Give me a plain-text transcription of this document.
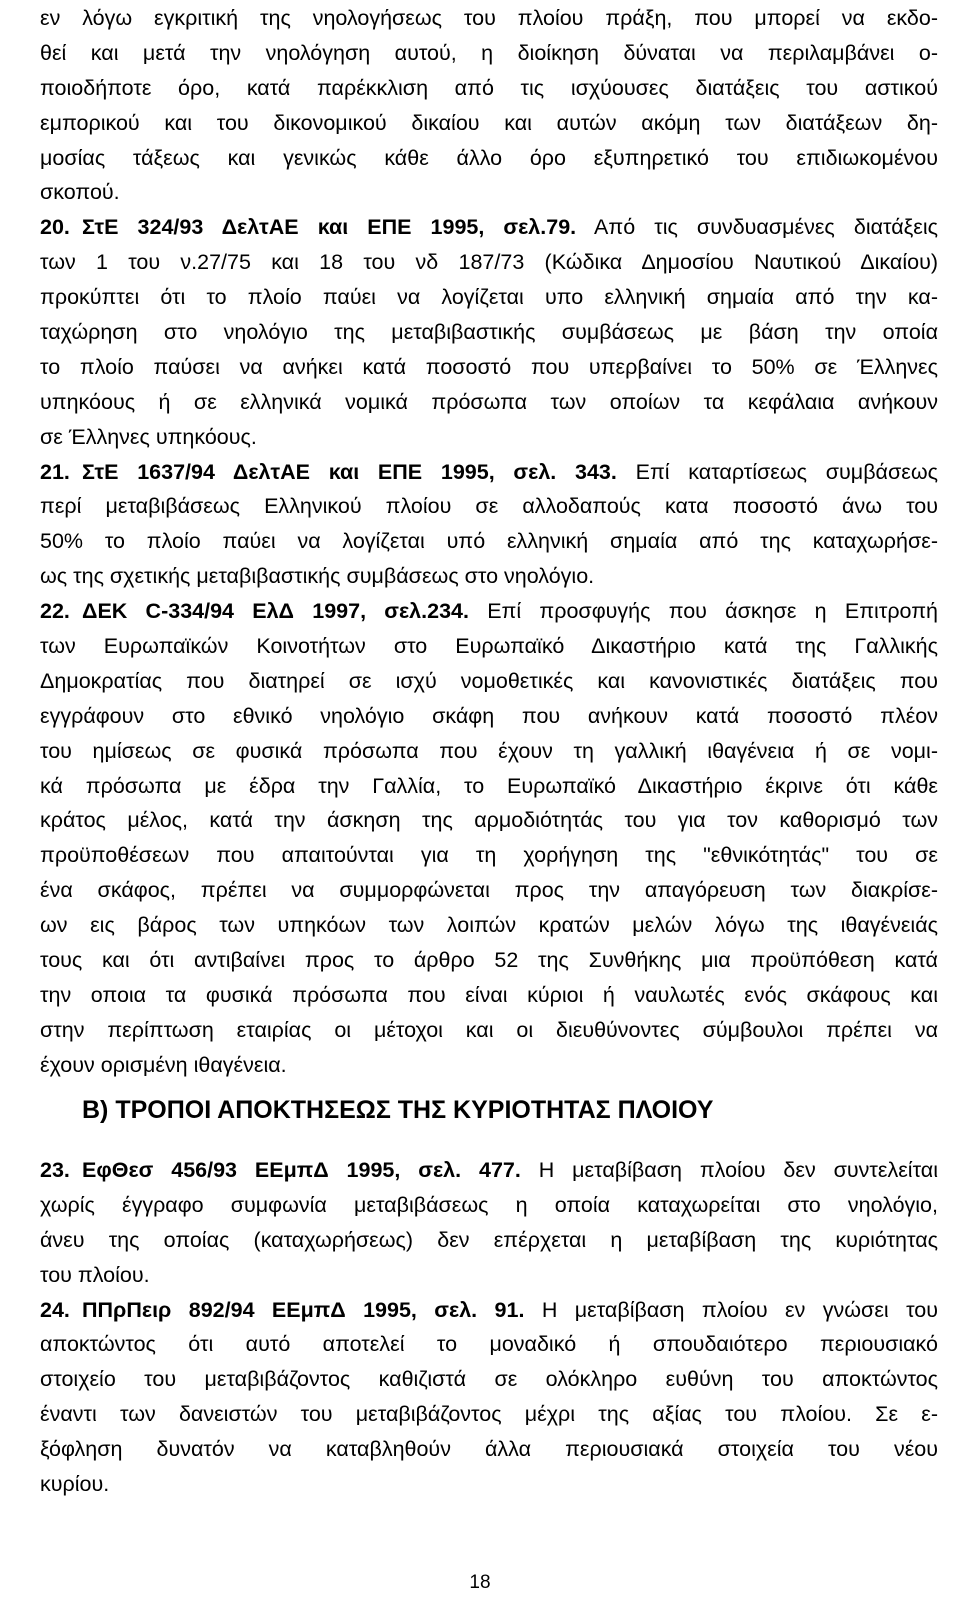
εν λόγω εγκριτική της νηολογήσεως του πλοίου πράξη, που μπορεί να εκδο-
θεί και μετά την νηολόγηση αυτού, η διοίκηση δύναται να περιλαμβάνει ο-
ποιοδήποτε όρο, κατά παρέκκλιση από τις ισχύουσες διατάξεις του αστικού
εμπορικού και του δικονομικού δικαίου και αυτών ακόμη των διατάξεων δη-
μοσίας τάξεως και γενικώς κάθε άλλο όρο εξυπηρετικό του επιδιωκομένου
σκοπού.
20. ΣτΕ 324/93 ΔελτΑΕ και ΕΠΕ 1995, σελ.79. Από τις συνδυασμένες διατάξεις
των 1 του ν.27/75 και 18 του νδ 187/73 (Κώδικα Δημοσίου Ναυτικού Δικαίου)
προκύπτει ότι το πλοίο παύει να λογίζεται υπο ελληνική σημαία από την κα-
ταχώρηση στο νηολόγιο της μεταβιβαστικής συμβάσεως με βάση την οποία
το πλοίο παύσει να ανήκει κατά ποσοστό που υπερβαίνει το 50% σε Έλληνες
υπηκόους ή σε ελληνικά νομικά πρόσωπα των οποίων τα κεφάλαια ανήκουν
σε Έλληνες υπηκόους.
21. ΣτΕ 1637/94 ΔελτΑΕ και ΕΠΕ 1995, σελ. 343. Επί καταρτίσεως συμβάσεως
περί μεταβιβάσεως Ελληνικού πλοίου σε αλλοδαπούς κατα ποσοστό άνω του
50% το πλοίο παύει να λογίζεται υπό ελληνική σημαία από της καταχωρήσε-
ως της σχετικής μεταβιβαστικής συμβάσεως στο νηολόγιο.
22. ΔΕΚ C-334/94 ΕλΔ 1997, σελ.234. Επί προσφυγής που άσκησε η Επιτροπή
των Ευρωπαϊκών Κοινοτήτων στο Ευρωπαϊκό Δικαστήριο κατά της Γαλλικής
Δημοκρατίας που διατηρεί σε ισχύ νομοθετικές και κανονιστικές διατάξεις που
εγγράφουν στο εθνικό νηολόγιο σκάφη που ανήκουν κατά ποσοστό πλέον
του ημίσεως σε φυσικά πρόσωπα που έχουν τη γαλλική ιθαγένεια ή σε νομι-
κά πρόσωπα με έδρα την Γαλλία, το Ευρωπαϊκό Δικαστήριο έκρινε ότι κάθε
κράτος μέλος, κατά την άσκηση της αρμοδιότητάς του για τον καθορισμό των
προϋποθέσεων που απαιτούνται για τη χορήγηση της "εθνικότητάς" του σε
ένα σκάφος, πρέπει να συμμορφώνεται προς την απαγόρευση των διακρίσε-
ων εις βάρος των υπηκόων των λοιπών κρατών μελών λόγω της ιθαγένειάς
τους και ότι αντιβαίνει προς το άρθρο 52 της Συνθήκης μια προϋπόθεση κατά
την οποια τα φυσικά πρόσωπα που είναι κύριοι ή ναυλωτές ενός σκάφους και
στην περίπτωση εταιρίας οι μέτοχοι και οι διευθύνοντες σύμβουλοι πρέπει να
έχουν ορισμένη ιθαγένεια.
Β) ΤΡΟΠΟΙ ΑΠΟΚΤΗΣΕΩΣ ΤΗΣ ΚΥΡΙΟΤΗΤΑΣ ΠΛΟΙΟΥ
23. ΕφΘεσ 456/93 ΕΕμπΔ 1995, σελ. 477. Η μεταβίβαση πλοίου δεν συντελείται
χωρίς έγγραφο συμφωνία μεταβιβάσεως η οποία καταχωρείται στο νηολόγιο,
άνευ της οποίας (καταχωρήσεως) δεν επέρχεται η μεταβίβαση της κυριότητας
του πλοίου.
24. ΠΠρΠειρ 892/94 ΕΕμπΔ 1995, σελ. 91. Η μεταβίβαση πλοίου εν γνώσει του
αποκτώντος ότι αυτό αποτελεί το μοναδικό ή σπουδαιότερο περιουσιακό
στοιχείο του μεταβιβάζοντος καθιζιστά σε ολόκληρο ευθύνη του αποκτώντος
έναντι των δανειστών του μεταβιβάζοντος μέχρι της αξίας του πλοίου. Σε ε-
ξόφληση δυνατόν να καταβληθούν άλλα περιουσιακά στοιχεία του νέου
κυρίου.
18
